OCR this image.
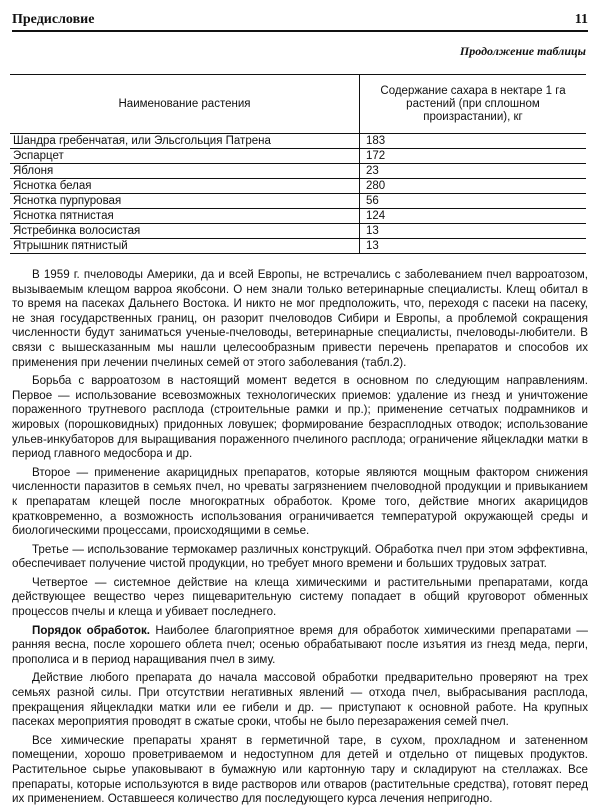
Предисловие	11
Продолжение таблицы
Наименование растения	Содержание сахара в нектаре 1 га растений (при сплошном произрастании), кг
Шандра гребенчатая, или Эльсгольция Патрена	183
Эспарцет	172
Яблоня	23
Яснотка белая	280
Яснотка пурпуровая	56
Яснотка пятнистая	124
Ястребинка волосистая	13
Ятрышник пятнистый	13

В 1959 г. пчеловоды Америки, да и всей Европы, не встречались с заболеванием пчел варроатозом, вызываемым клещом варроа якобсони. О нем знали только ветеринарные специалисты. Клещ обитал в то время на пасеках Дальнего Востока. И никто не мог предположить, что, переходя с пасеки на пасеку, не зная государственных границ, он разорит пчеловодов Сибири и Европы, а проблемой сокращения численности будут заниматься ученые-пчеловоды, ветеринарные специалисты, пчеловоды-любители. В связи с вышесказанным мы нашли целесообразным привести перечень препаратов и способов их применения при лечении пчелиных семей от этого заболевания (табл.2).

Борьба с варроатозом в настоящий момент ведется в основном по следующим направлениям. Первое — использование всевозможных технологических приемов: удаление из гнезд и уничтожение пораженного трутневого расплода (строительные рамки и пр.); применение сетчатых подрамников и жировых (порошковидных) придонных ловушек; формирование безрасплодных отводок; использование ульев-инкубаторов для выращивания пораженного пчелиного расплода; ограничение яйцекладки матки в период главного медосбора и др.

Второе — применение акарицидных препаратов, которые являются мощным фактором снижения численности паразитов в семьях пчел, но чреваты загрязнением пчеловодной продукции и привыканием к препаратам клещей после многократных обработок. Кроме того, действие многих акарицидов кратковременно, а возможность использования ограничивается температурой окружающей среды и биологическими процессами, происходящими в семье.

Третье — использование термокамер различных конструкций. Обработка пчел при этом эффективна, обеспечивает получение чистой продукции, но требует много времени и больших трудовых затрат.

Четвертое — системное действие на клеща химическими и растительными препаратами, когда действующее вещество через пищеварительную систему попадает в общий круговорот обменных процессов пчелы и клеща и убивает последнего.

Порядок обработок. Наиболее благоприятное время для обработок химическими препаратами — ранняя весна, после хорошего облета пчел; осенью обрабатывают после изъятия из гнезд меда, перги, прополиса и в период наращивания пчел в зиму.

Действие любого препарата до начала массовой обработки предварительно проверяют на трех семьях разной силы. При отсутствии негативных явлений — отхода пчел, выбрасывания расплода, прекращения яйцекладки матки или ее гибели и др. — приступают к основной работе. На крупных пасеках мероприятия проводят в сжатые сроки, чтобы не было перезаражения семей пчел.

Все химические препараты хранят в герметичной таре, в сухом, прохладном и затененном помещении, хорошо проветриваемом и недоступном для детей и отдельно от пищевых продуктов. Растительное сырье упаковывают в бумажную или картонную тару и складируют на стеллажах. Все препараты, которые используются в виде растворов или отваров (растительные средства), готовят перед их применением. Оставшееся количество для последующего курса лечения непригодно.
